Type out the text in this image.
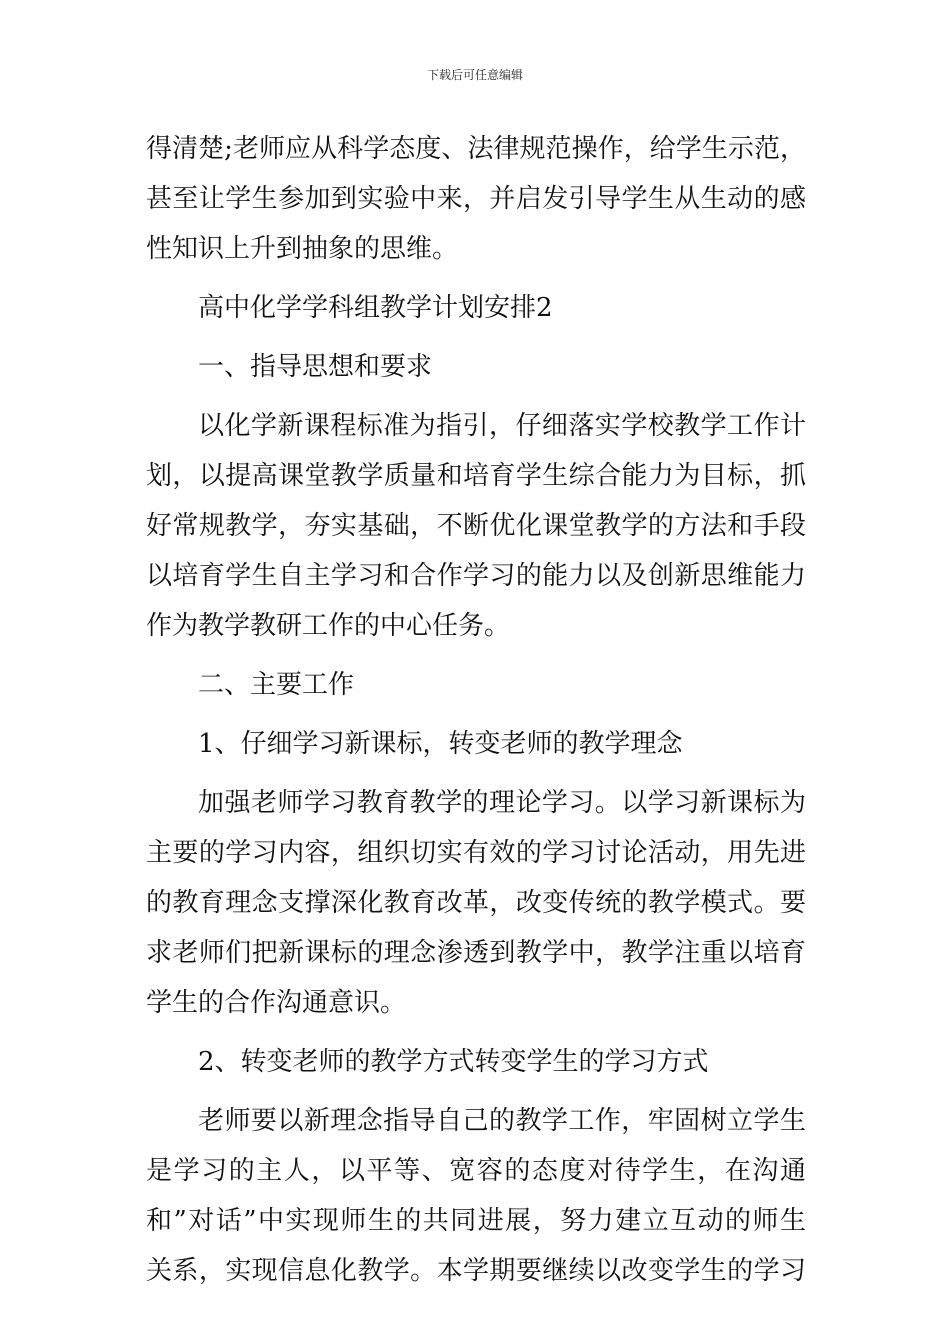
下载后可任意编辑
得清楚;老师应从科学态度、法律规范操作，给学生示范，
甚至让学生参加到实验中来，并启发引导学生从生动的感
性知识上升到抽象的思维。
高中化学学科组教学计划安排2
一、指导思想和要求
以化学新课程标准为指引，仔细落实学校教学工作计
划，以提高课堂教学质量和培育学生综合能力为目标，抓
好常规教学，夯实基础，不断优化课堂教学的方法和手段
以培育学生自主学习和合作学习的能力以及创新思维能力
作为教学教研工作的中心任务。
二、主要工作
1、仔细学习新课标，转变老师的教学理念
加强老师学习教育教学的理论学习。以学习新课标为
主要的学习内容，组织切实有效的学习讨论活动，用先进
的教育理念支撑深化教育改革，改变传统的教学模式。要
求老师们把新课标的理念渗透到教学中，教学注重以培育
学生的合作沟通意识。
2、转变老师的教学方式转变学生的学习方式
老师要以新理念指导自己的教学工作，牢固树立学生
是学习的主人，以平等、宽容的态度对待学生，在沟通
和”对话”中实现师生的共同进展，努力建立互动的师生
关系，实现信息化教学。本学期要继续以改变学生的学习
